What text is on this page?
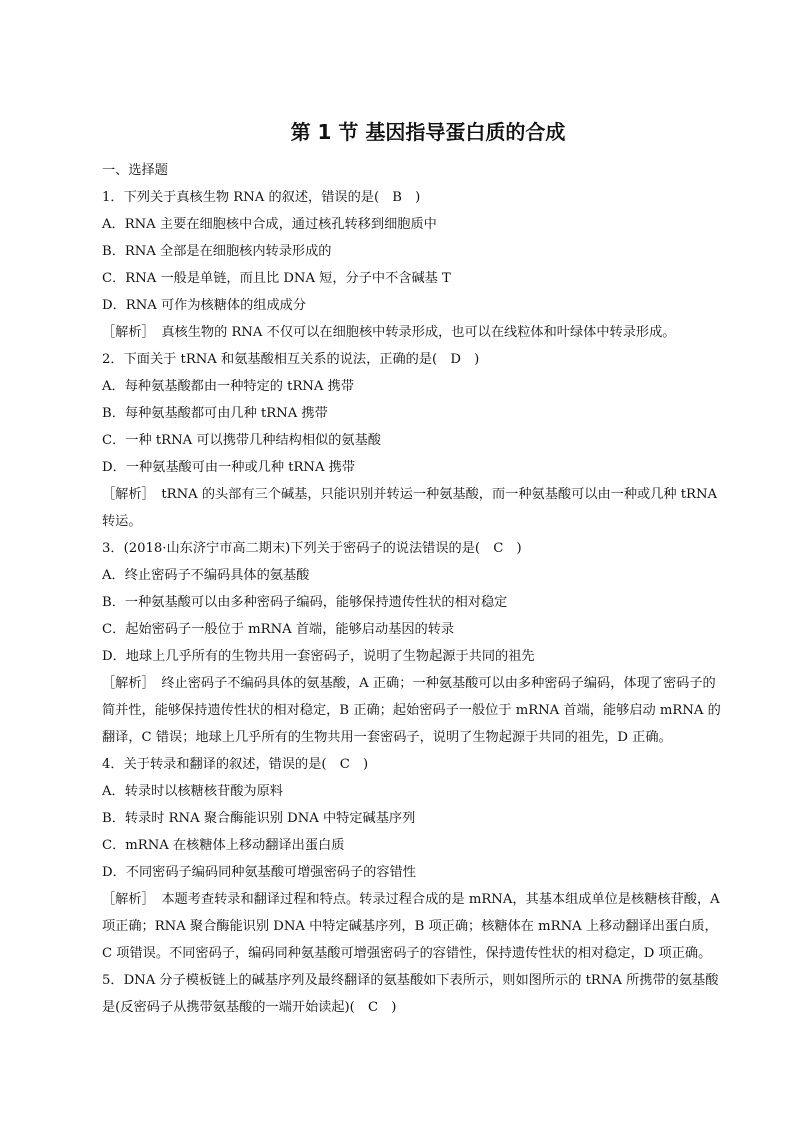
第 1 节 基因指导蛋白质的合成
一、选择题
1．下列关于真核生物 RNA 的叙述，错误的是(　B　)
A．RNA 主要在细胞核中合成，通过核孔转移到细胞质中
B．RNA 全部是在细胞核内转录形成的
C．RNA 一般是单链，而且比 DNA 短，分子中不含碱基 T
D．RNA 可作为核糖体的组成成分
［解析］　真核生物的 RNA 不仅可以在细胞核中转录形成，也可以在线粒体和叶绿体中转录形成。
2．下面关于 tRNA 和氨基酸相互关系的说法，正确的是(　D　)
A．每种氨基酸都由一种特定的 tRNA 携带
B．每种氨基酸都可由几种 tRNA 携带
C．一种 tRNA 可以携带几种结构相似的氨基酸
D．一种氨基酸可由一种或几种 tRNA 携带
［解析］　tRNA 的头部有三个碱基，只能识别并转运一种氨基酸，而一种氨基酸可以由一种或几种 tRNA 转运。
3．(2018·山东济宁市高二期末)下列关于密码子的说法错误的是(　C　)
A．终止密码子不编码具体的氨基酸
B．一种氨基酸可以由多种密码子编码，能够保持遗传性状的相对稳定
C．起始密码子一般位于 mRNA 首端，能够启动基因的转录
D．地球上几乎所有的生物共用一套密码子，说明了生物起源于共同的祖先
［解析］　终止密码子不编码具体的氨基酸，A 正确；一种氨基酸可以由多种密码子编码，体现了密码子的简并性，能够保持遗传性状的相对稳定，B 正确；起始密码子一般位于 mRNA 首端，能够启动 mRNA 的翻译，C 错误；地球上几乎所有的生物共用一套密码子，说明了生物起源于共同的祖先，D 正确。
4．关于转录和翻译的叙述，错误的是(　C　)
A．转录时以核糖核苷酸为原料
B．转录时 RNA 聚合酶能识别 DNA 中特定碱基序列
C．mRNA 在核糖体上移动翻译出蛋白质
D．不同密码子编码同种氨基酸可增强密码子的容错性
［解析］　本题考查转录和翻译过程和特点。转录过程合成的是 mRNA，其基本组成单位是核糖核苷酸，A 项正确；RNA 聚合酶能识别 DNA 中特定碱基序列，B 项正确；核糖体在 mRNA 上移动翻译出蛋白质，C 项错误。不同密码子，编码同种氨基酸可增强密码子的容错性，保持遗传性状的相对稳定，D 项正确。
5．DNA 分子模板链上的碱基序列及最终翻译的氨基酸如下表所示，则如图所示的 tRNA 所携带的氨基酸是(反密码子从携带氨基酸的一端开始读起)(　C　)
